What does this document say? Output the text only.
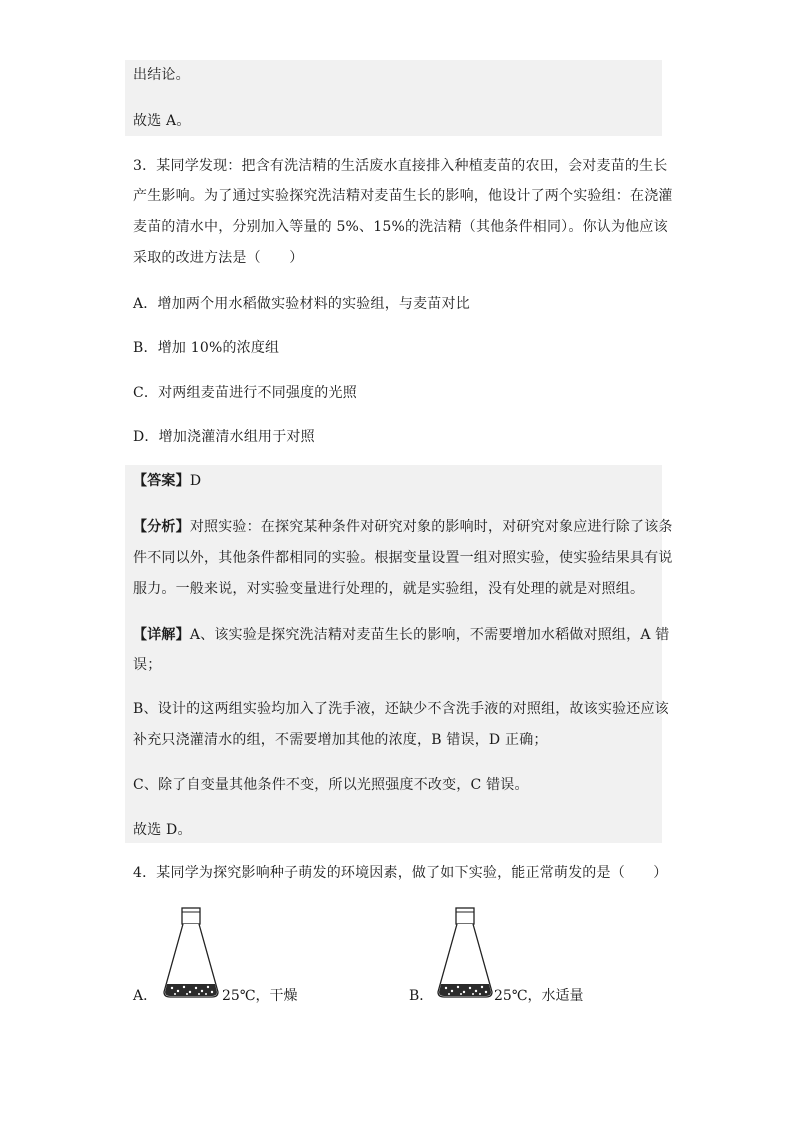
出结论。
故选 A。
3．某同学发现：把含有洗洁精的生活废水直接排入种植麦苗的农田，会对麦苗的生长
产生影响。为了通过实验探究洗洁精对麦苗生长的影响，他设计了两个实验组：在浇灌
麦苗的清水中，分别加入等量的 5%、15%的洗洁精（其他条件相同）。你认为他应该
采取的改进方法是（　　）
A．增加两个用水稻做实验材料的实验组，与麦苗对比
B．增加 10%的浓度组
C．对两组麦苗进行不同强度的光照
D．增加浇灌清水组用于对照
【答案】D
【分析】对照实验：在探究某种条件对研究对象的影响时，对研究对象应进行除了该条
件不同以外，其他条件都相同的实验。根据变量设置一组对照实验，使实验结果具有说
服力。一般来说，对实验变量进行处理的，就是实验组，没有处理的就是对照组。
【详解】A、该实验是探究洗洁精对麦苗生长的影响，不需要增加水稻做对照组，A 错
误；
B、设计的这两组实验均加入了洗手液，还缺少不含洗手液的对照组，故该实验还应该
补充只浇灌清水的组，不需要增加其他的浓度，B 错误，D 正确；
C、除了自变量其他条件不变，所以光照强度不改变，C 错误。
故选 D。
4．某同学为探究影响种子萌发的环境因素，做了如下实验，能正常萌发的是（　　）
A．	25℃，干燥	B．	25℃，水适量
